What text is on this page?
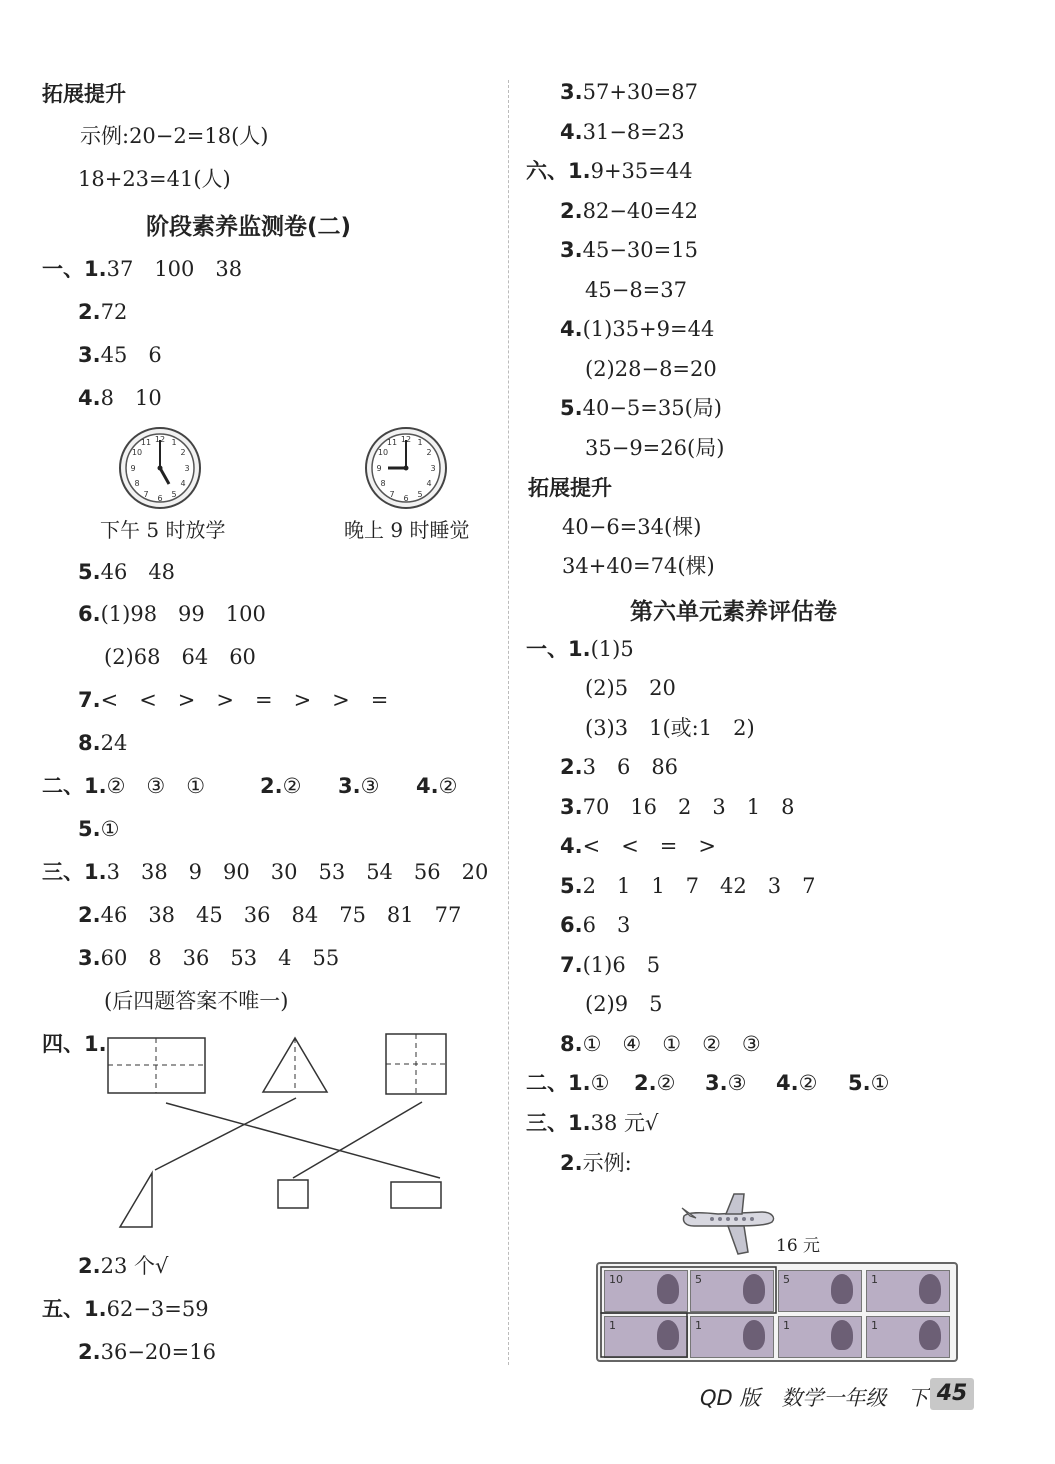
拓展提升
示例:20−2=18(人)
18+23=41(人)
阶段素养监测卷(二)
一、1.37　100　38
2.72
3.45　6
4.8　10
12 1
2
3
4
5
6
7
8
9
10
11	12 1
2
3
4
5
6
7
8
9
10
11
下午 5 时放学	晚上 9 时睡觉
5.46　48
6.(1)98　99　100
(2)68　64　60
7.<　<　>　>　=　>　>　=
8.24
二、1.②　③　①	2.② 3.③ 4.②
5.①
三、1.3　38　9　90　30　53　54　56　20
2.46　38　45　36　84　75　81　77
3.60　8　36　53　4　55
(后四题答案不唯一)
四、1.
2.23 个√
五、1.62−3=59
2.36−20=16
3.57+30=87
4.31−8=23
六、1.9+35=44
2.82−40=42
3.45−30=15
45−8=37
4.(1)35+9=44
(2)28−8=20
5.40−5=35(局)
35−9=26(局)
拓展提升
40−6=34(棵)
34+40=74(棵)
第六单元素养评估卷
一、1.(1)5
(2)5　20
(3)3　1(或:1　2)
2.3　6　86
3.70　16　2　3　1　8
4.<　<　=　>
5.2　1　1　7　42　3　7
6.6　3
7.(1)6　5
(2)9　5
8.①　④　①　②　③
二、1.① 2.② 3.③ 4.② 5.①
三、1.38 元√
2.示例:
16 元
10	5	5	1
1	1	1	1
QD 版　数学一年级　下 45
